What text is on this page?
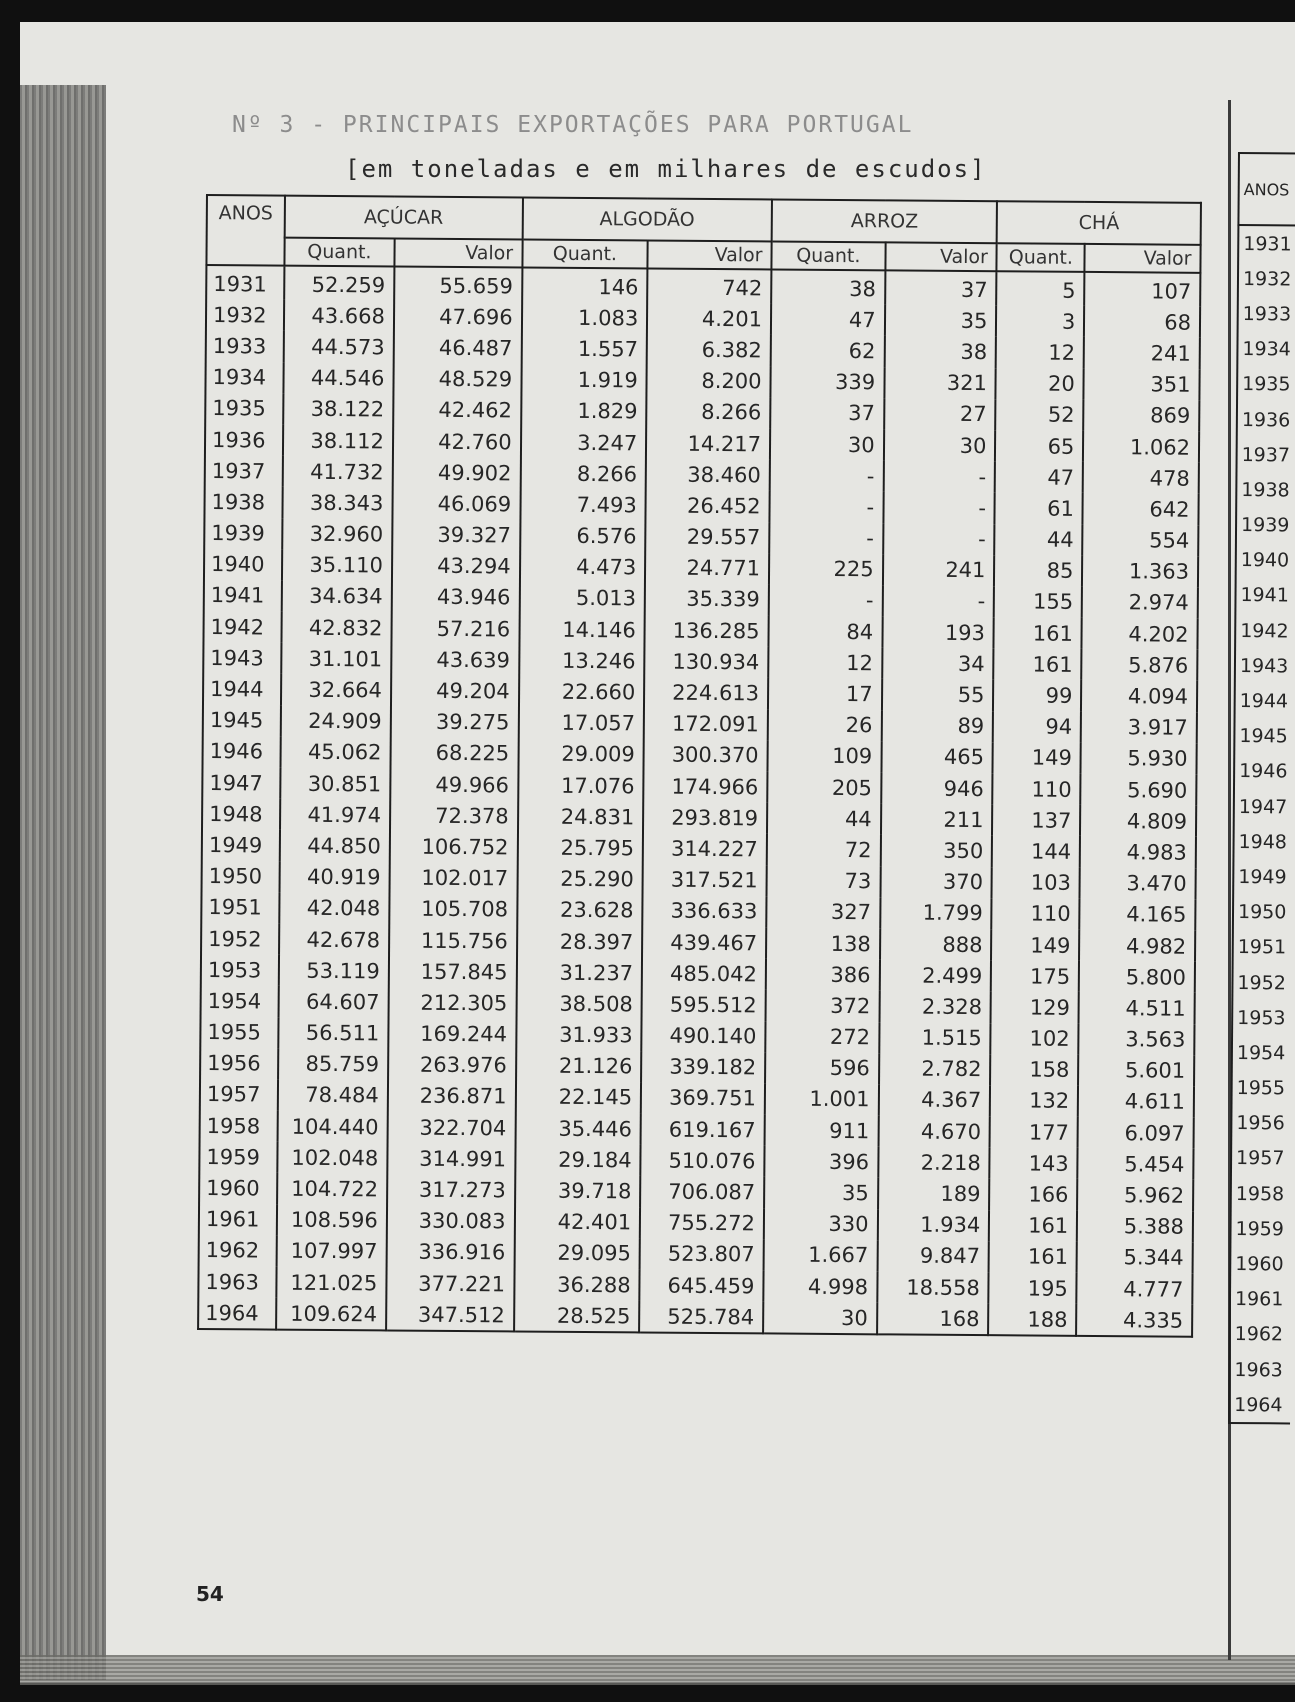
Nº 3 - PRINCIPAIS EXPORTAÇÕES PARA PORTUGAL
[em toneladas e em milhares de escudos]
ANOS	AÇÚCAR		ALGODÃO		ARROZ		CHÁ	
	Quant.	Valor	Quant.	Valor	Quant.	Valor	Quant.	Valor
1931	52.259	55.659	146	742	38	37	5	107
1932	43.668	47.696	1.083	4.201	47	35	3	68
1933	44.573	46.487	1.557	6.382	62	38	12	241
1934	44.546	48.529	1.919	8.200	339	321	20	351
1935	38.122	42.462	1.829	8.266	37	27	52	869
1936	38.112	42.760	3.247	14.217	30	30	65	1.062
1937	41.732	49.902	8.266	38.460	-	-	47	478
1938	38.343	46.069	7.493	26.452	-	-	61	642
1939	32.960	39.327	6.576	29.557	-	-	44	554
1940	35.110	43.294	4.473	24.771	225	241	85	1.363
1941	34.634	43.946	5.013	35.339	-	-	155	2.974
1942	42.832	57.216	14.146	136.285	84	193	161	4.202
1943	31.101	43.639	13.246	130.934	12	34	161	5.876
1944	32.664	49.204	22.660	224.613	17	55	99	4.094
1945	24.909	39.275	17.057	172.091	26	89	94	3.917
1946	45.062	68.225	29.009	300.370	109	465	149	5.930
1947	30.851	49.966	17.076	174.966	205	946	110	5.690
1948	41.974	72.378	24.831	293.819	44	211	137	4.809
1949	44.850	106.752	25.795	314.227	72	350	144	4.983
1950	40.919	102.017	25.290	317.521	73	370	103	3.470
1951	42.048	105.708	23.628	336.633	327	1.799	110	4.165
1952	42.678	115.756	28.397	439.467	138	888	149	4.982
1953	53.119	157.845	31.237	485.042	386	2.499	175	5.800
1954	64.607	212.305	38.508	595.512	372	2.328	129	4.511
1955	56.511	169.244	31.933	490.140	272	1.515	102	3.563
1956	85.759	263.976	21.126	339.182	596	2.782	158	5.601
1957	78.484	236.871	22.145	369.751	1.001	4.367	132	4.611
1958	104.440	322.704	35.446	619.167	911	4.670	177	6.097
1959	102.048	314.991	29.184	510.076	396	2.218	143	5.454
1960	104.722	317.273	39.718	706.087	35	189	166	5.962
1961	108.596	330.083	42.401	755.272	330	1.934	161	5.388
1962	107.997	336.916	29.095	523.807	1.667	9.847	161	5.344
1963	121.025	377.221	36.288	645.459	4.998	18.558	195	4.777
1964	109.624	347.512	28.525	525.784	30	168	188	4.335
ANOS
1931
1932
1933
1934
1935
1936
1937
1938
1939
1940
1941
1942
1943
1944
1945
1946
1947
1948
1949
1950
1951
1952
1953
1954
1955
1956
1957
1958
1959
1960
1961
1962
1963
1964
54
